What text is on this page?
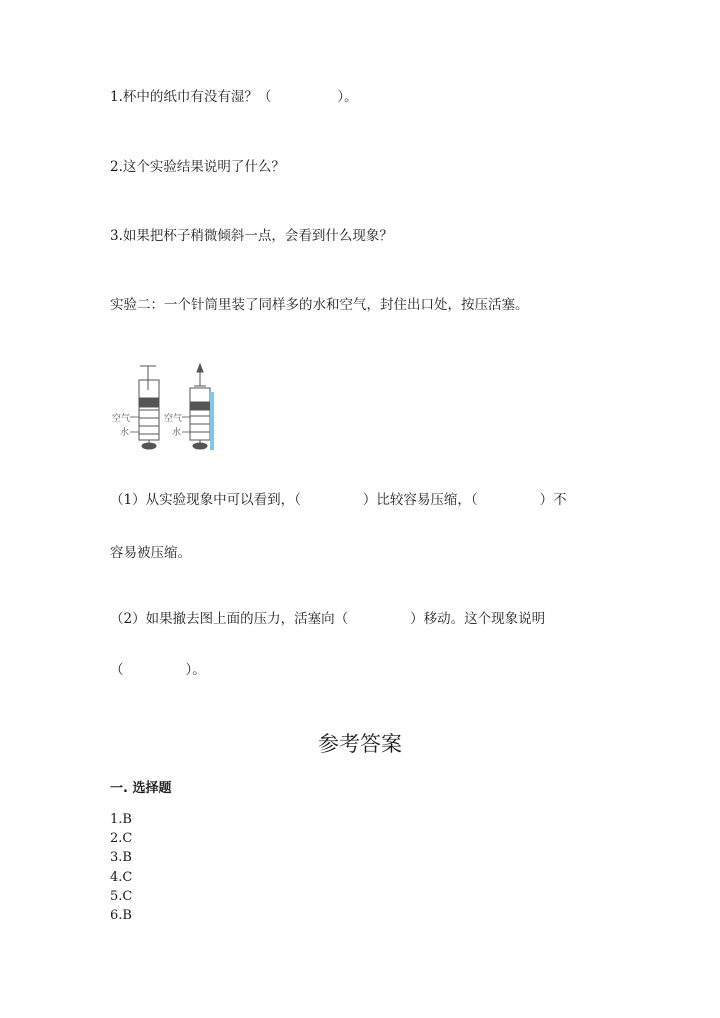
1.杯中的纸巾有没有湿？（	）。
2.这个实验结果说明了什么？
3.如果把杯子稍微倾斜一点，会看到什么现象？
实验二：一个针筒里装了同样多的水和空气，封住出口处，按压活塞。
空气
水
空气
水
（1）从实验现象中可以看到，（	）比较容易压缩，（	）不
容易被压缩。
（2）如果撤去图上面的压力，活塞向（	）移动。这个现象说明
（	）。
参考答案
一. 选择题
1.B
2.C
3.B
4.C
5.C
6.B
